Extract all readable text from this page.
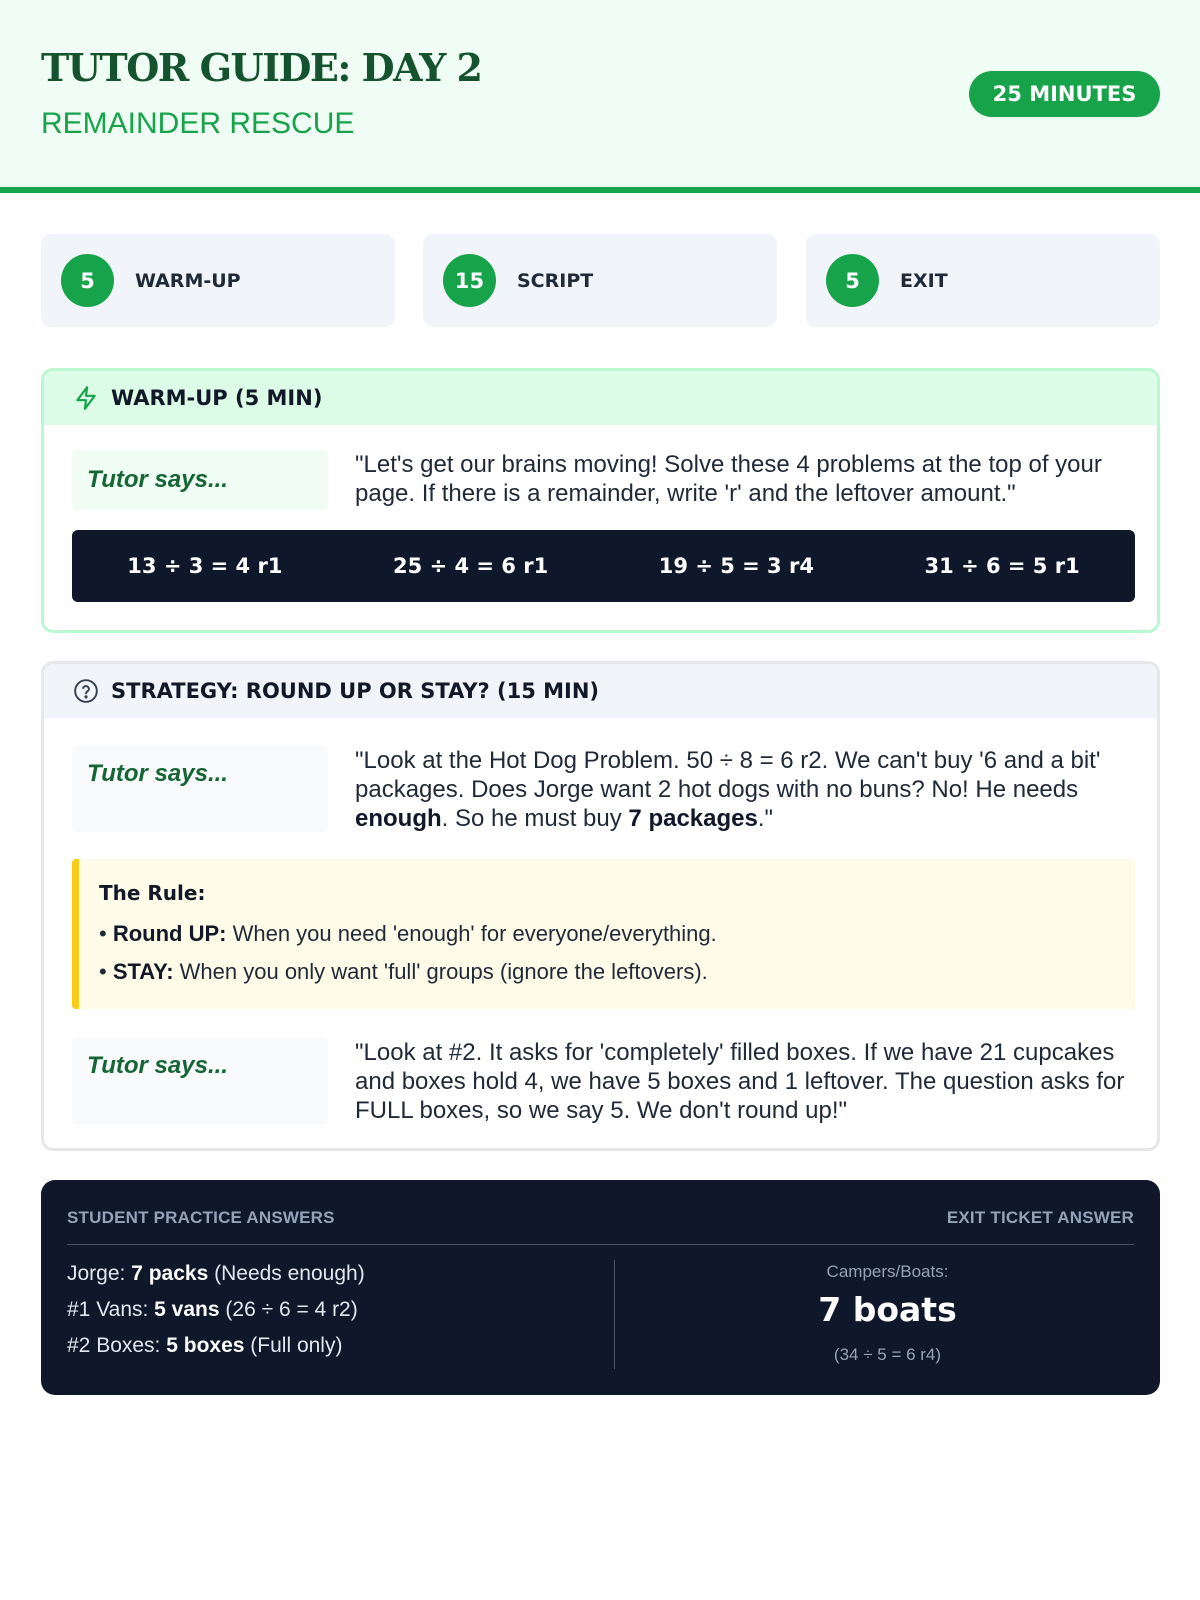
TUTOR GUIDE: DAY 2
REMAINDER RESCUE
25 MINUTES
5	WARM-UP	15	SCRIPT	5	EXIT
WARM-UP (5 MIN)
Tutor says...
"Let's get our brains moving! Solve these 4 problems at the top of your page. If there is a remainder, write 'r' and the leftover amount."
13 ÷ 3 = 4 r1	25 ÷ 4 = 6 r1	19 ÷ 5 = 3 r4	31 ÷ 6 = 5 r1
STRATEGY: ROUND UP OR STAY? (15 MIN)
Tutor says...	"Look at the Hot Dog Problem. 50 ÷ 8 = 6 r2. We can't buy '6 and a bit' packages. Does Jorge want 2 hot dogs with no buns? No! He needs enough. So he must buy 7 packages."
The Rule:
• Round UP: When you need 'enough' for everyone/everything.
• STAY: When you only want 'full' groups (ignore the leftovers).
Tutor says...	"Look at #2. It asks for 'completely' filled boxes. If we have 21 cupcakes and boxes hold 4, we have 5 boxes and 1 leftover. The question asks for FULL boxes, so we say 5. We don't round up!"
STUDENT PRACTICE ANSWERS	EXIT TICKET ANSWER
Jorge: 7 packs (Needs enough)
#1 Vans: 5 vans (26 ÷ 6 = 4 r2)
#2 Boxes: 5 boxes (Full only)
Campers/Boats:
7 boats
(34 ÷ 5 = 6 r4)
